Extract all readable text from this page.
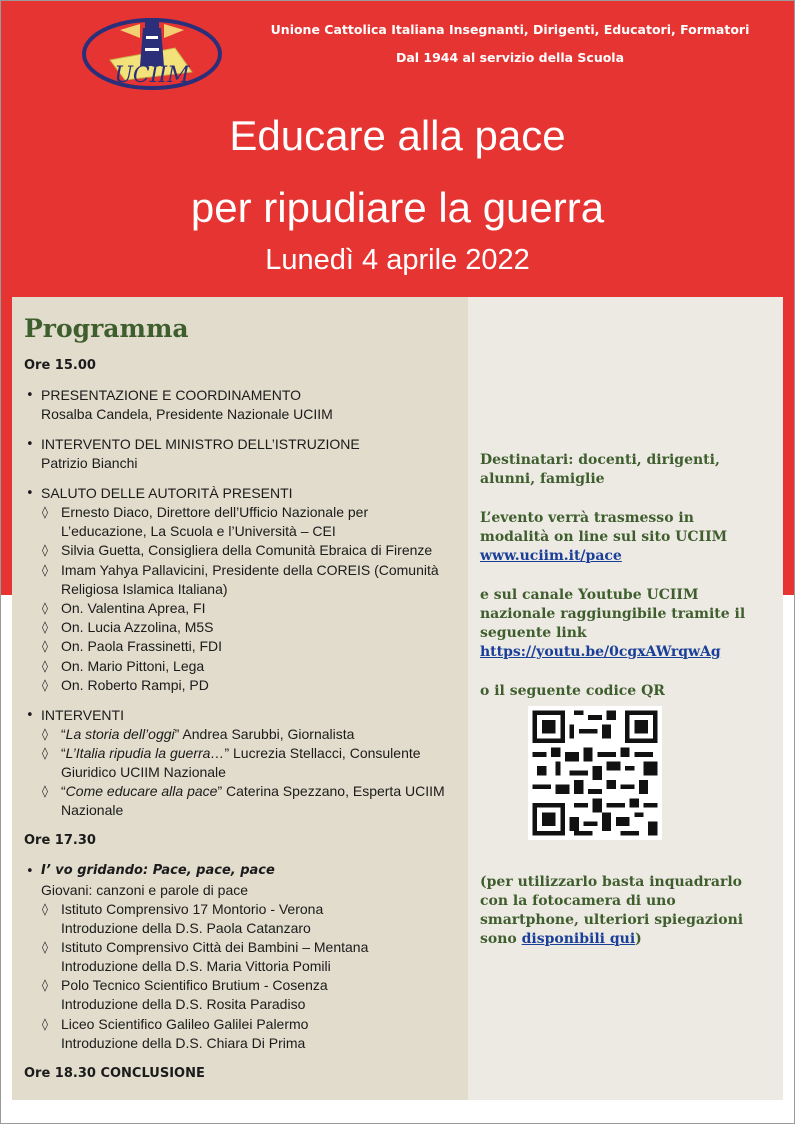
UCIIM
Unione Cattolica Italiana Insegnanti, Dirigenti, Educatori, Formatori
Dal 1944 al servizio della Scuola
Educare alla pace
per ripudiare la guerra
Lunedì 4 aprile 2022
Programma
Ore 15.00
• PRESENTAZIONE E COORDINAMENTO
Rosalba Candela, Presidente Nazionale UCIIM
• INTERVENTO DEL MINISTRO DELL’ISTRUZIONE
Patrizio Bianchi
• SALUTO DELLE AUTORITÀ PRESENTI
◊ Ernesto Diaco, Direttore dell’Ufficio Nazionale per
L’educazione, La Scuola e l’Università – CEI
◊ Silvia Guetta, Consigliera della Comunità Ebraica di Firenze
◊ Imam Yahya Pallavicini, Presidente della COREIS (Comunità
Religiosa Islamica Italiana)
◊ On. Valentina Aprea, FI
◊ On. Lucia Azzolina, M5S
◊ On. Paola Frassinetti, FDI
◊ On. Mario Pittoni, Lega
◊ On. Roberto Rampi, PD
• INTERVENTI
◊ “La storia dell’oggi” Andrea Sarubbi, Giornalista
◊ “L’Italia ripudia la guerra…” Lucrezia Stellacci, Consulente
Giuridico UCIIM Nazionale
◊ “Come educare alla pace” Caterina Spezzano, Esperta UCIIM
Nazionale
Ore 17.30
• I’ vo gridando: Pace, pace, pace
Giovani: canzoni e parole di pace
◊ Istituto Comprensivo 17 Montorio - Verona
Introduzione della D.S. Paola Catanzaro
◊ Istituto Comprensivo Città dei Bambini – Mentana
Introduzione della D.S. Maria Vittoria Pomili
◊ Polo Tecnico Scientifico Brutium - Cosenza
Introduzione della D.S. Rosita Paradiso
◊ Liceo Scientifico Galileo Galilei Palermo
Introduzione della D.S. Chiara Di Prima
Ore 18.30 CONCLUSIONE
Destinatari: docenti, dirigenti,
alunni, famiglie
L’evento verrà trasmesso in
modalità on line sul sito UCIIM
www.uciim.it/pace
e sul canale Youtube UCIIM
nazionale raggiungibile tramite il
seguente link
https://youtu.be/0cgxAWrqwAg
o il seguente codice QR
(per utilizzarlo basta inquadrarlo
con la fotocamera di uno
smartphone, ulteriori spiegazioni
sono disponibili qui)
